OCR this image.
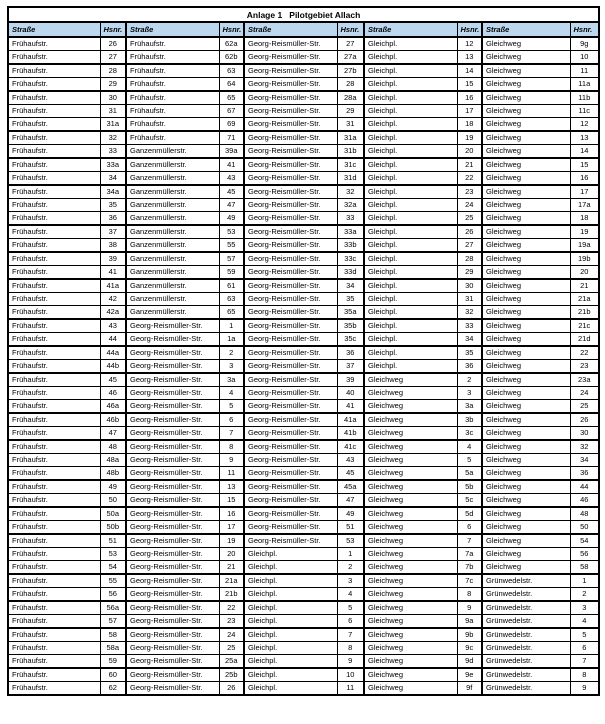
Anlage 1   Pilotgebiet Allach									
Straße	Hsnr.	Straße	Hsnr.	Straße	Hsnr.	Straße	Hsnr.	Straße	Hsnr.
Frühaufstr.	26	Frühaufstr.	62a	Georg-Reismüller-Str.	27	Gleichpl.	12	Gleichweg	9g
Frühaufstr.	27	Frühaufstr.	62b	Georg-Reismüller-Str.	27a	Gleichpl.	13	Gleichweg	10
Frühaufstr.	28	Frühaufstr.	63	Georg-Reismüller-Str.	27b	Gleichpl.	14	Gleichweg	11
Frühaufstr.	29	Frühaufstr.	64	Georg-Reismüller-Str.	28	Gleichpl.	15	Gleichweg	11a
Frühaufstr.	30	Frühaufstr.	65	Georg-Reismüller-Str.	28a	Gleichpl.	16	Gleichweg	11b
Frühaufstr.	31	Frühaufstr.	67	Georg-Reismüller-Str.	29	Gleichpl.	17	Gleichweg	11c
Frühaufstr.	31a	Frühaufstr.	69	Georg-Reismüller-Str.	31	Gleichpl.	18	Gleichweg	12
Frühaufstr.	32	Frühaufstr.	71	Georg-Reismüller-Str.	31a	Gleichpl.	19	Gleichweg	13
Frühaufstr.	33	Ganzenmüllerstr.	39a	Georg-Reismüller-Str.	31b	Gleichpl.	20	Gleichweg	14
Frühaufstr.	33a	Ganzenmüllerstr.	41	Georg-Reismüller-Str.	31c	Gleichpl.	21	Gleichweg	15
Frühaufstr.	34	Ganzenmüllerstr.	43	Georg-Reismüller-Str.	31d	Gleichpl.	22	Gleichweg	16
Frühaufstr.	34a	Ganzenmüllerstr.	45	Georg-Reismüller-Str.	32	Gleichpl.	23	Gleichweg	17
Frühaufstr.	35	Ganzenmüllerstr.	47	Georg-Reismüller-Str.	32a	Gleichpl.	24	Gleichweg	17a
Frühaufstr.	36	Ganzenmüllerstr.	49	Georg-Reismüller-Str.	33	Gleichpl.	25	Gleichweg	18
Frühaufstr.	37	Ganzenmüllerstr.	53	Georg-Reismüller-Str.	33a	Gleichpl.	26	Gleichweg	19
Frühaufstr.	38	Ganzenmüllerstr.	55	Georg-Reismüller-Str.	33b	Gleichpl.	27	Gleichweg	19a
Frühaufstr.	39	Ganzenmüllerstr.	57	Georg-Reismüller-Str.	33c	Gleichpl.	28	Gleichweg	19b
Frühaufstr.	41	Ganzenmüllerstr.	59	Georg-Reismüller-Str.	33d	Gleichpl.	29	Gleichweg	20
Frühaufstr.	41a	Ganzenmüllerstr.	61	Georg-Reismüller-Str.	34	Gleichpl.	30	Gleichweg	21
Frühaufstr.	42	Ganzenmüllerstr.	63	Georg-Reismüller-Str.	35	Gleichpl.	31	Gleichweg	21a
Frühaufstr.	42a	Ganzenmüllerstr.	65	Georg-Reismüller-Str.	35a	Gleichpl.	32	Gleichweg	21b
Frühaufstr.	43	Georg-Reismüller-Str.	1	Georg-Reismüller-Str.	35b	Gleichpl.	33	Gleichweg	21c
Frühaufstr.	44	Georg-Reismüller-Str.	1a	Georg-Reismüller-Str.	35c	Gleichpl.	34	Gleichweg	21d
Frühaufstr.	44a	Georg-Reismüller-Str.	2	Georg-Reismüller-Str.	36	Gleichpl.	35	Gleichweg	22
Frühaufstr.	44b	Georg-Reismüller-Str.	3	Georg-Reismüller-Str.	37	Gleichpl.	36	Gleichweg	23
Frühaufstr.	45	Georg-Reismüller-Str.	3a	Georg-Reismüller-Str.	39	Gleichweg	2	Gleichweg	23a
Frühaufstr.	46	Georg-Reismüller-Str.	4	Georg-Reismüller-Str.	40	Gleichweg	3	Gleichweg	24
Frühaufstr.	46a	Georg-Reismüller-Str.	5	Georg-Reismüller-Str.	41	Gleichweg	3a	Gleichweg	25
Frühaufstr.	46b	Georg-Reismüller-Str.	6	Georg-Reismüller-Str.	41a	Gleichweg	3b	Gleichweg	26
Frühaufstr.	47	Georg-Reismüller-Str.	7	Georg-Reismüller-Str.	41b	Gleichweg	3c	Gleichweg	30
Frühaufstr.	48	Georg-Reismüller-Str.	8	Georg-Reismüller-Str.	41c	Gleichweg	4	Gleichweg	32
Frühaufstr.	48a	Georg-Reismüller-Str.	9	Georg-Reismüller-Str.	43	Gleichweg	5	Gleichweg	34
Frühaufstr.	48b	Georg-Reismüller-Str.	11	Georg-Reismüller-Str.	45	Gleichweg	5a	Gleichweg	36
Frühaufstr.	49	Georg-Reismüller-Str.	13	Georg-Reismüller-Str.	45a	Gleichweg	5b	Gleichweg	44
Frühaufstr.	50	Georg-Reismüller-Str.	15	Georg-Reismüller-Str.	47	Gleichweg	5c	Gleichweg	46
Frühaufstr.	50a	Georg-Reismüller-Str.	16	Georg-Reismüller-Str.	49	Gleichweg	5d	Gleichweg	48
Frühaufstr.	50b	Georg-Reismüller-Str.	17	Georg-Reismüller-Str.	51	Gleichweg	6	Gleichweg	50
Frühaufstr.	51	Georg-Reismüller-Str.	19	Georg-Reismüller-Str.	53	Gleichweg	7	Gleichweg	54
Frühaufstr.	53	Georg-Reismüller-Str.	20	Gleichpl.	1	Gleichweg	7a	Gleichweg	56
Frühaufstr.	54	Georg-Reismüller-Str.	21	Gleichpl.	2	Gleichweg	7b	Gleichweg	58
Frühaufstr.	55	Georg-Reismüller-Str.	21a	Gleichpl.	3	Gleichweg	7c	Grünwedelstr.	1
Frühaufstr.	56	Georg-Reismüller-Str.	21b	Gleichpl.	4	Gleichweg	8	Grünwedelstr.	2
Frühaufstr.	56a	Georg-Reismüller-Str.	22	Gleichpl.	5	Gleichweg	9	Grünwedelstr.	3
Frühaufstr.	57	Georg-Reismüller-Str.	23	Gleichpl.	6	Gleichweg	9a	Grünwedelstr.	4
Frühaufstr.	58	Georg-Reismüller-Str.	24	Gleichpl.	7	Gleichweg	9b	Grünwedelstr.	5
Frühaufstr.	58a	Georg-Reismüller-Str.	25	Gleichpl.	8	Gleichweg	9c	Grünwedelstr.	6
Frühaufstr.	59	Georg-Reismüller-Str.	25a	Gleichpl.	9	Gleichweg	9d	Grünwedelstr.	7
Frühaufstr.	60	Georg-Reismüller-Str.	25b	Gleichpl.	10	Gleichweg	9e	Grünwedelstr.	8
Frühaufstr.	62	Georg-Reismüller-Str.	26	Gleichpl.	11	Gleichweg	9f	Grünwedelstr.	9
